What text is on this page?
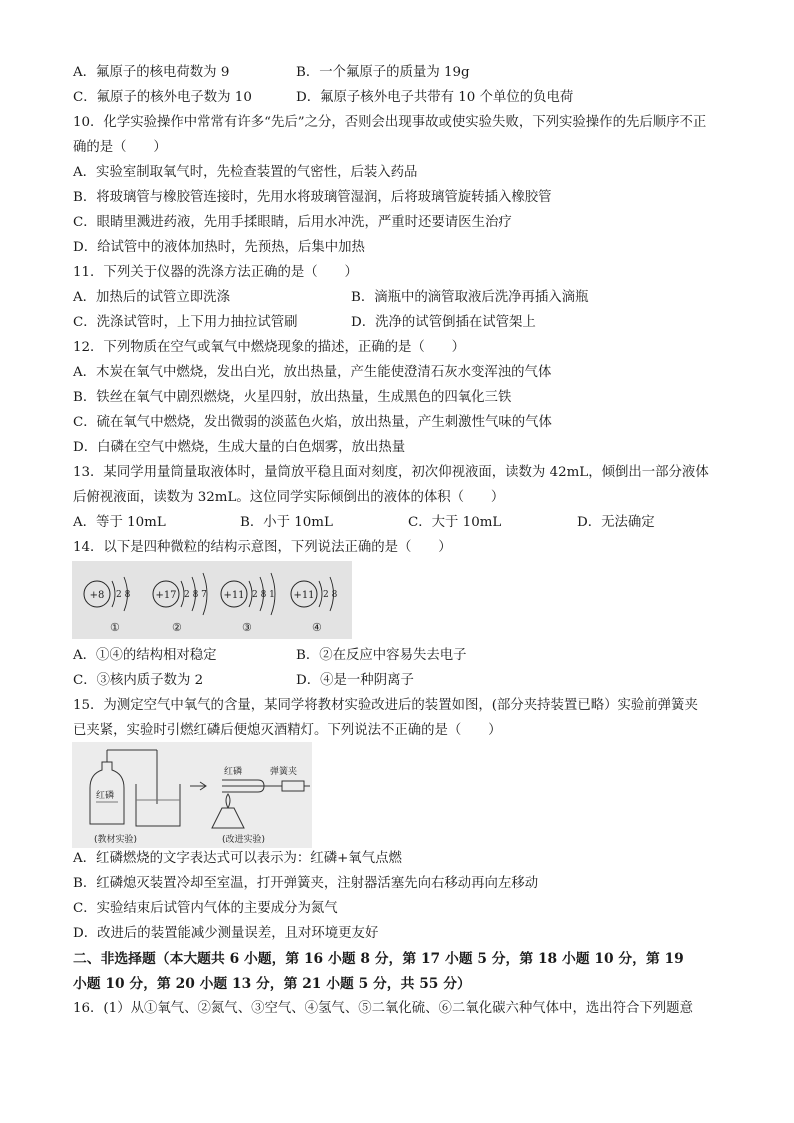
A．氟原子的核电荷数为 9	B．一个氟原子的质量为 19g
C．氟原子的核外电子数为 10	D．氟原子核外电子共带有 10 个单位的负电荷
10．化学实验操作中常常有许多“先后”之分，否则会出现事故或使实验失败，下列实验操作的先后顺序不正
确的是（　　）
A．实验室制取氧气时，先检查装置的气密性，后装入药品
B．将玻璃管与橡胶管连接时，先用水将玻璃管湿润，后将玻璃管旋转插入橡胶管
C．眼睛里溅进药液，先用手揉眼睛，后用水冲洗，严重时还要请医生治疗
D．给试管中的液体加热时，先预热，后集中加热
11．下列关于仪器的洗涤方法正确的是（　　）
A．加热后的试管立即洗涤	B．滴瓶中的滴管取液后洗净再插入滴瓶
C．洗涤试管时，上下用力抽拉试管刷	D．洗净的试管倒插在试管架上
12．下列物质在空气或氧气中燃烧现象的描述，正确的是（　　）
A．木炭在氧气中燃烧，发出白光，放出热量，产生能使澄清石灰水变浑浊的气体
B．铁丝在氧气中剧烈燃烧，火星四射，放出热量，生成黑色的四氧化三铁
C．硫在氧气中燃烧，发出微弱的淡蓝色火焰，放出热量，产生刺激性气味的气体
D．白磷在空气中燃烧，生成大量的白色烟雾，放出热量
13．某同学用量筒量取液体时，量筒放平稳且面对刻度，初次仰视液面，读数为 42mL，倾倒出一部分液体
后俯视液面，读数为 32mL。这位同学实际倾倒出的液体的体积（　　）
A．等于 10mL	B．小于 10mL	C．大于 10mL	D．无法确定
14．以下是四种微粒的结构示意图，下列说法正确的是（　　）
+8 2 8
①
+17 2 8 7
②
+11 2 8 1
③
+11 2 8
④
A．①④的结构相对稳定	B．②在反应中容易失去电子
C．③核内质子数为 2	D．④是一种阴离子
15．为测定空气中氧气的含量，某同学将教材实验改进后的装置如图，(部分夹持装置已略）实验前弹簧夹
已夹紧，实验时引燃红磷后便熄灭酒精灯。下列说法不正确的是（　　）
红磷
红磷	弹簧夹
(教材实验)	(改进实验)
A．红磷燃烧的文字表达式可以表示为：红磷+氧气点燃
B．红磷熄灭装置冷却至室温，打开弹簧夹，注射器活塞先向右移动再向左移动
C．实验结束后试管内气体的主要成分为氮气
D．改进后的装置能减少测量误差，且对环境更友好
二、非选择题（本大题共 6 小题，第 16 小题 8 分，第 17 小题 5 分，第 18 小题 10 分，第 19
小题 10 分，第 20 小题 13 分，第 21 小题 5 分，共 55 分）
16．(1）从①氧气、②氮气、③空气、④氢气、⑤二氧化硫、⑥二氧化碳六种气体中，选出符合下列题意
